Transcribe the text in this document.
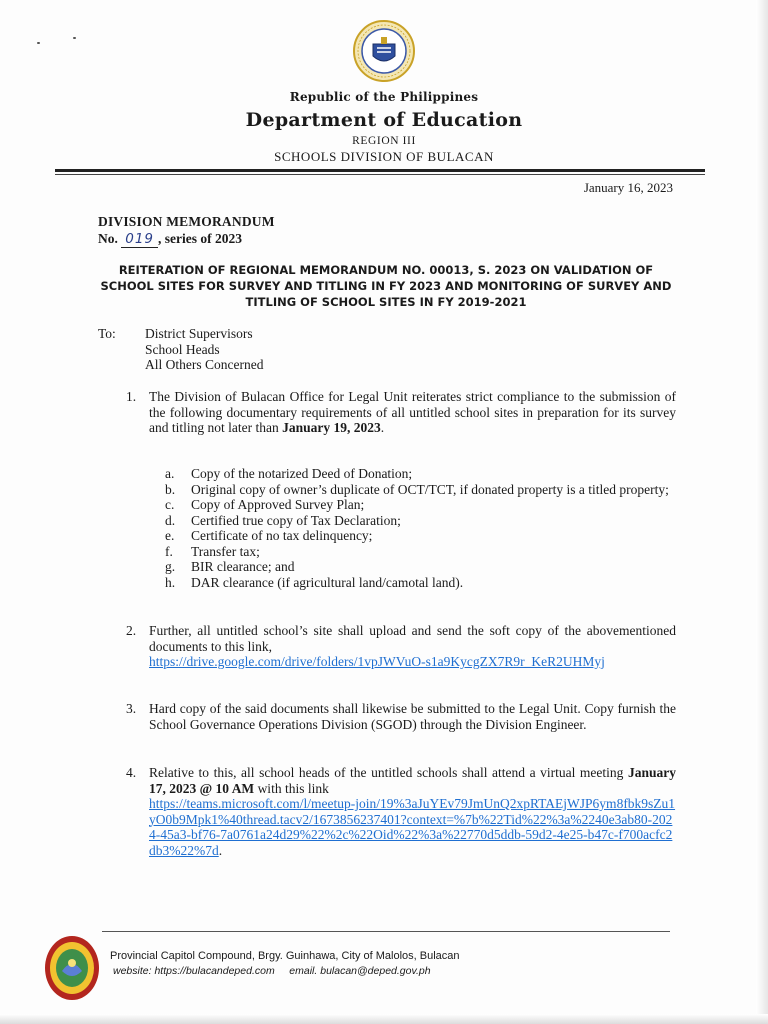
Republic of the Philippines
Department of Education
REGION III
SCHOOLS DIVISION OF BULACAN
January 16, 2023
DIVISION MEMORANDUM
No. 019 , series of 2023
REITERATION OF REGIONAL MEMORANDUM NO. 00013, S. 2023 ON VALIDATION OF SCHOOL SITES FOR SURVEY AND TITLING IN FY 2023 AND MONITORING OF SURVEY AND TITLING OF SCHOOL SITES IN FY 2019-2021
To: District Supervisors
School Heads
All Others Concerned
1. The Division of Bulacan Office for Legal Unit reiterates strict compliance to the submission of the following documentary requirements of all untitled school sites in preparation for its survey and titling not later than January 19, 2023.
a. Copy of the notarized Deed of Donation;
b. Original copy of owner’s duplicate of OCT/TCT, if donated property is a titled property;
c. Copy of Approved Survey Plan;
d. Certified true copy of Tax Declaration;
e. Certificate of no tax delinquency;
f. Transfer tax;
g. BIR clearance; and
h. DAR clearance (if agricultural land/camotal land).
2. Further, all untitled school’s site shall upload and send the soft copy of the abovementioned documents to this link,
https://drive.google.com/drive/folders/1vpJWVuO-s1a9KycgZX7R9r_KeR2UHMyj
3. Hard copy of the said documents shall likewise be submitted to the Legal Unit. Copy furnish the School Governance Operations Division (SGOD) through the Division Engineer.
4. Relative to this, all school heads of the untitled schools shall attend a virtual meeting January 17, 2023 @ 10 AM with this link
https://teams.microsoft.com/l/meetup-join/19%3aJuYEv79JmUnQ2xpRTAEjWJP6ym8fbk9sZu1yO0b9Mpk1%40thread.tacv2/1673856237401?context=%7b%22Tid%22%3a%2240e3ab80-2024-45a3-bf76-7a0761a24d29%22%2c%22Oid%22%3a%22770d5ddb-59d2-4e25-b47c-f700acfc2db3%22%7d.
Provincial Capitol Compound, Brgy. Guinhawa, City of Malolos, Bulacan
website: https://bulacandeped.com email. bulacan@deped.gov.ph
